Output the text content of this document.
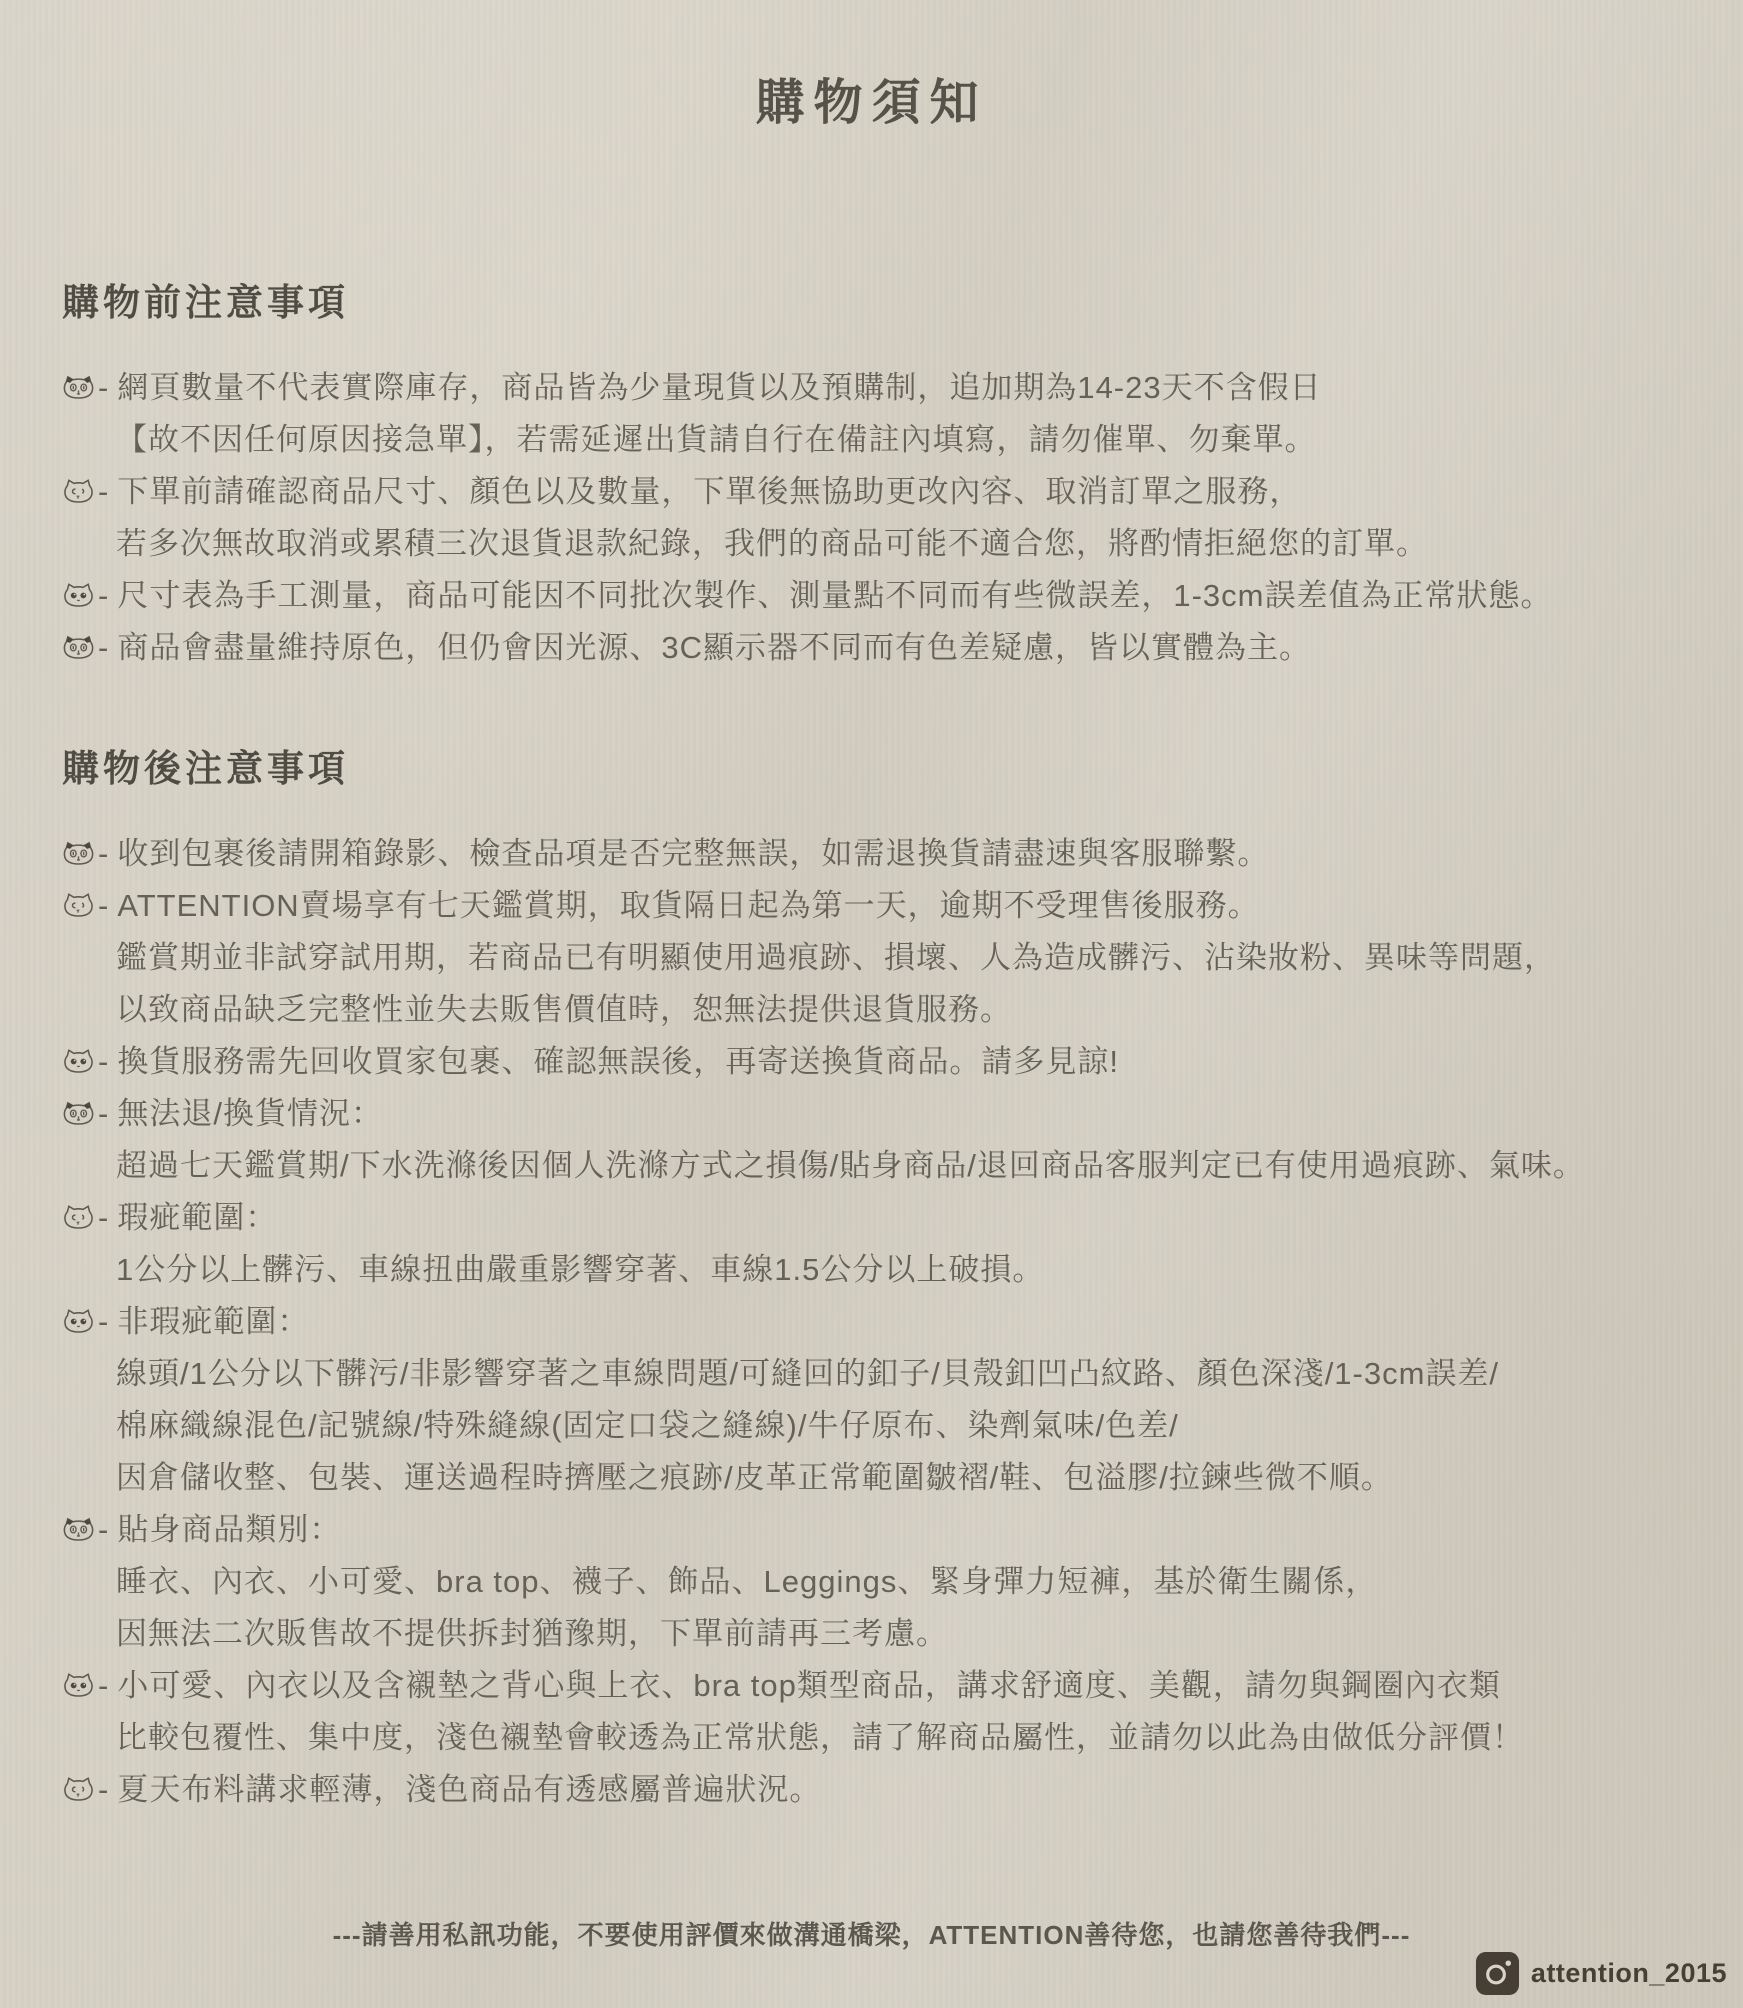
購物須知
購物前注意事項
- 網頁數量不代表實際庫存，商品皆為少量現貨以及預購制，追加期為14-23天不含假日
【故不因任何原因接急單】，若需延遲出貨請自行在備註內填寫，請勿催單、勿棄單。
- 下單前請確認商品尺寸、顏色以及數量，下單後無協助更改內容、取消訂單之服務，
若多次無故取消或累積三次退貨退款紀錄，我們的商品可能不適合您，將酌情拒絕您的訂單。
- 尺寸表為手工測量，商品可能因不同批次製作、測量點不同而有些微誤差，1-3cm誤差值為正常狀態。
- 商品會盡量維持原色，但仍會因光源、3C顯示器不同而有色差疑慮，皆以實體為主。
購物後注意事項
- 收到包裹後請開箱錄影、檢查品項是否完整無誤，如需退換貨請盡速與客服聯繫。
- ATTENTION賣場享有七天鑑賞期，取貨隔日起為第一天，逾期不受理售後服務。
鑑賞期並非試穿試用期，若商品已有明顯使用過痕跡、損壞、人為造成髒污、沾染妝粉、異味等問題，
以致商品缺乏完整性並失去販售價值時，恕無法提供退貨服務。
- 換貨服務需先回收買家包裹、確認無誤後，再寄送換貨商品。請多見諒!
- 無法退/換貨情況：
超過七天鑑賞期/下水洗滌後因個人洗滌方式之損傷/貼身商品/退回商品客服判定已有使用過痕跡、氣味。
- 瑕疵範圍：
1公分以上髒污、車線扭曲嚴重影響穿著、車線1.5公分以上破損。
- 非瑕疵範圍：
線頭/1公分以下髒污/非影響穿著之車線問題/可縫回的釦子/貝殼釦凹凸紋路、顏色深淺/1-3cm誤差/
棉麻織線混色/記號線/特殊縫線(固定口袋之縫線)/牛仔原布、染劑氣味/色差/
因倉儲收整、包裝、運送過程時擠壓之痕跡/皮革正常範圍皺褶/鞋、包溢膠/拉鍊些微不順。
- 貼身商品類別：
睡衣、內衣、小可愛、bra top、襪子、飾品、Leggings、緊身彈力短褲，基於衛生關係，
因無法二次販售故不提供拆封猶豫期，下單前請再三考慮。
- 小可愛、內衣以及含襯墊之背心與上衣、bra top類型商品，講求舒適度、美觀，請勿與鋼圈內衣類
比較包覆性、集中度，淺色襯墊會較透為正常狀態，請了解商品屬性，並請勿以此為由做低分評價！
- 夏天布料講求輕薄，淺色商品有透感屬普遍狀況。
---請善用私訊功能，不要使用評價來做溝通橋梁，ATTENTION善待您，也請您善待我們---
attention_2015
